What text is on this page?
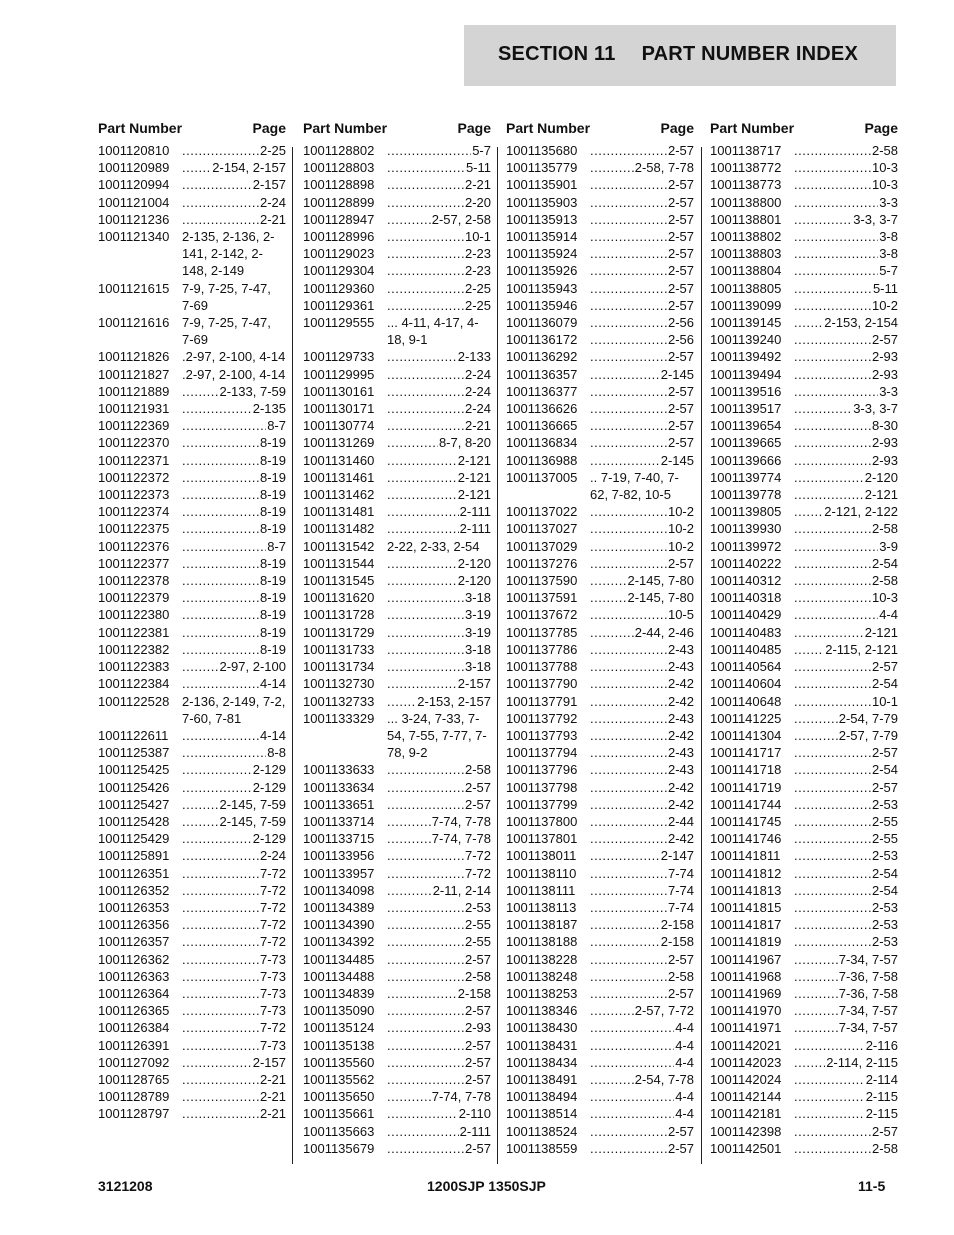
SECTION 11 PART NUMBER INDEX
Part Number	Page
1001120810 .....	2-25
1001120989 .....	2-154, 2-157
1001120994 .....	2-157
1001121004 .....	2-24
1001121236 .....	2-21
1001121340 2-135, 2-136, 2-141, 2-142, 2-148, 2-149
1001121615 7-9, 7-25, 7-47, 7-69
1001121616 7-9, 7-25, 7-47, 7-69
1001121826 .2-97, 2-100, 4-14
1001121827 .2-97, 2-100, 4-14
1001121889 .....	2-133, 7-59
1001121931 .....	2-135
1001122369 .....	8-7
1001122370 .....	8-19
1001122371 .....	8-19
1001122372 .....	8-19
1001122373 .....	8-19
1001122374 .....	8-19
1001122375 .....	8-19
1001122376 .....	8-7
1001122377 .....	8-19
1001122378 .....	8-19
1001122379 .....	8-19
1001122380 .....	8-19
1001122381 .....	8-19
1001122382 .....	8-19
1001122383 .....	2-97, 2-100
1001122384 .....	4-14
1001122528 2-136, 2-149, 7-2, 7-60, 7-81
1001122611 .....	4-14
1001125387 .....	8-8
1001125425 .....	2-129
1001125426 .....	2-129
1001125427 .....	2-145, 7-59
1001125428 .....	2-145, 7-59
1001125429 .....	2-129
1001125891 .....	2-24
1001126351 .....	7-72
1001126352 .....	7-72
1001126353 .....	7-72
1001126356 .....	7-72
1001126357 .....	7-72
1001126362 .....	7-73
1001126363 .....	7-73
1001126364 .....	7-73
1001126365 .....	7-73
1001126384 .....	7-72
1001126391 .....	7-73
1001127092 .....	2-157
1001128765 .....	2-21
1001128789 .....	2-21
1001128797 .....	2-21
Part Number	Page
1001128802 .....	5-7
1001128803 .....	5-11
1001128898 .....	2-21
1001128899 .....	2-20
1001128947 .....	2-57, 2-58
1001128996 .....	10-1
1001129023 .....	2-23
1001129304 .....	2-23
1001129360 .....	2-25
1001129361 .....	2-25
1001129555 ... 4-11, 4-17, 4-18, 9-1
1001129733 .....	2-133
1001129995 .....	2-24
1001130161 .....	2-24
1001130171 .....	2-24
1001130774 .....	2-21
1001131269 .....	8-7, 8-20
1001131460 .....	2-121
1001131461 .....	2-121
1001131462 .....	2-121
1001131481 .....	2-111
1001131482 .....	2-111
1001131542 2-22, 2-33, 2-54
1001131544 .....	2-120
1001131545 .....	2-120
1001131620 .....	3-18
1001131728 .....	3-19
1001131729 .....	3-19
1001131733 .....	3-18
1001131734 .....	3-18
1001132730 .....	2-157
1001132733 .....	2-153, 2-157
1001133329 ... 3-24, 7-33, 7-54, 7-55, 7-77, 7-78, 9-2
1001133633 .....	2-58
1001133634 .....	2-57
1001133651 .....	2-57
1001133714 .....	7-74, 7-78
1001133715 .....	7-74, 7-78
1001133956 .....	7-72
1001133957 .....	7-72
1001134098 .....	2-11, 2-14
1001134389 .....	2-53
1001134390 .....	2-55
1001134392 .....	2-55
1001134485 .....	2-57
1001134488 .....	2-58
1001134839 .....	2-158
1001135090 .....	2-57
1001135124 .....	2-93
1001135138 .....	2-57
1001135560 .....	2-57
1001135562 .....	2-57
1001135650 .....	7-74, 7-78
1001135661 .....	2-110
1001135663 .....	2-111
1001135679 .....	2-57
Part Number	Page
1001135680 .....	2-57
1001135779 .....	2-58, 7-78
1001135901 .....	2-57
1001135903 .....	2-57
1001135913 .....	2-57
1001135914 .....	2-57
1001135924 .....	2-57
1001135926 .....	2-57
1001135943 .....	2-57
1001135946 .....	2-57
1001136079 .....	2-56
1001136172 .....	2-56
1001136292 .....	2-57
1001136357 .....	2-145
1001136377 .....	2-57
1001136626 .....	2-57
1001136665 .....	2-57
1001136834 .....	2-57
1001136988 .....	2-145
1001137005 .. 7-19, 7-40, 7-62, 7-82, 10-5
1001137022 .....	10-2
1001137027 .....	10-2
1001137029 .....	10-2
1001137276 .....	2-57
1001137590 .....	2-145, 7-80
1001137591 .....	2-145, 7-80
1001137672 .....	10-5
1001137785 .....	2-44, 2-46
1001137786 .....	2-43
1001137788 .....	2-43
1001137790 .....	2-42
1001137791 .....	2-42
1001137792 .....	2-43
1001137793 .....	2-42
1001137794 .....	2-43
1001137796 .....	2-43
1001137798 .....	2-42
1001137799 .....	2-42
1001137800 .....	2-44
1001137801 .....	2-42
1001138011 .....	2-147
1001138110 .....	7-74
1001138111 .....	7-74
1001138113 .....	7-74
1001138187 .....	2-158
1001138188 .....	2-158
1001138228 .....	2-57
1001138248 .....	2-58
1001138253 .....	2-57
1001138346 .....	2-57, 7-72
1001138430 .....	4-4
1001138431 .....	4-4
1001138434 .....	4-4
1001138491 .....	2-54, 7-78
1001138494 .....	4-4
1001138514 .....	4-4
1001138524 .....	2-57
1001138559 .....	2-57
Part Number	Page
1001138717 .....	2-58
1001138772 .....	10-3
1001138773 .....	10-3
1001138800 .....	3-3
1001138801 .....	3-3, 3-7
1001138802 .....	3-8
1001138803 .....	3-8
1001138804 .....	5-7
1001138805 .....	5-11
1001139099 .....	10-2
1001139145 .....	2-153, 2-154
1001139240 .....	2-57
1001139492 .....	2-93
1001139494 .....	2-93
1001139516 .....	3-3
1001139517 .....	3-3, 3-7
1001139654 .....	8-30
1001139665 .....	2-93
1001139666 .....	2-93
1001139774 .....	2-120
1001139778 .....	2-121
1001139805 .....	2-121, 2-122
1001139930 .....	2-58
1001139972 .....	3-9
1001140222 .....	2-54
1001140312 .....	2-58
1001140318 .....	10-3
1001140429 .....	4-4
1001140483 .....	2-121
1001140485 .....	2-115, 2-121
1001140564 .....	2-57
1001140604 .....	2-54
1001140648 .....	10-1
1001141225 .....	2-54, 7-79
1001141304 .....	2-57, 7-79
1001141717 .....	2-57
1001141718 .....	2-54
1001141719 .....	2-57
1001141744 .....	2-53
1001141745 .....	2-55
1001141746 .....	2-55
1001141811 .....	2-53
1001141812 .....	2-54
1001141813 .....	2-54
1001141815 .....	2-53
1001141817 .....	2-53
1001141819 .....	2-53
1001141967 .....	7-34, 7-57
1001141968 .....	7-36, 7-58
1001141969 .....	7-36, 7-58
1001141970 .....	7-34, 7-57
1001141971 .....	7-34, 7-57
1001142021 .....	2-116
1001142023 .....	2-114, 2-115
1001142024 .....	2-114
1001142144 .....	2-115
1001142181 .....	2-115
1001142398 .....	2-57
1001142501 .....	2-58
3121208	1200SJP 1350SJP	11-5
